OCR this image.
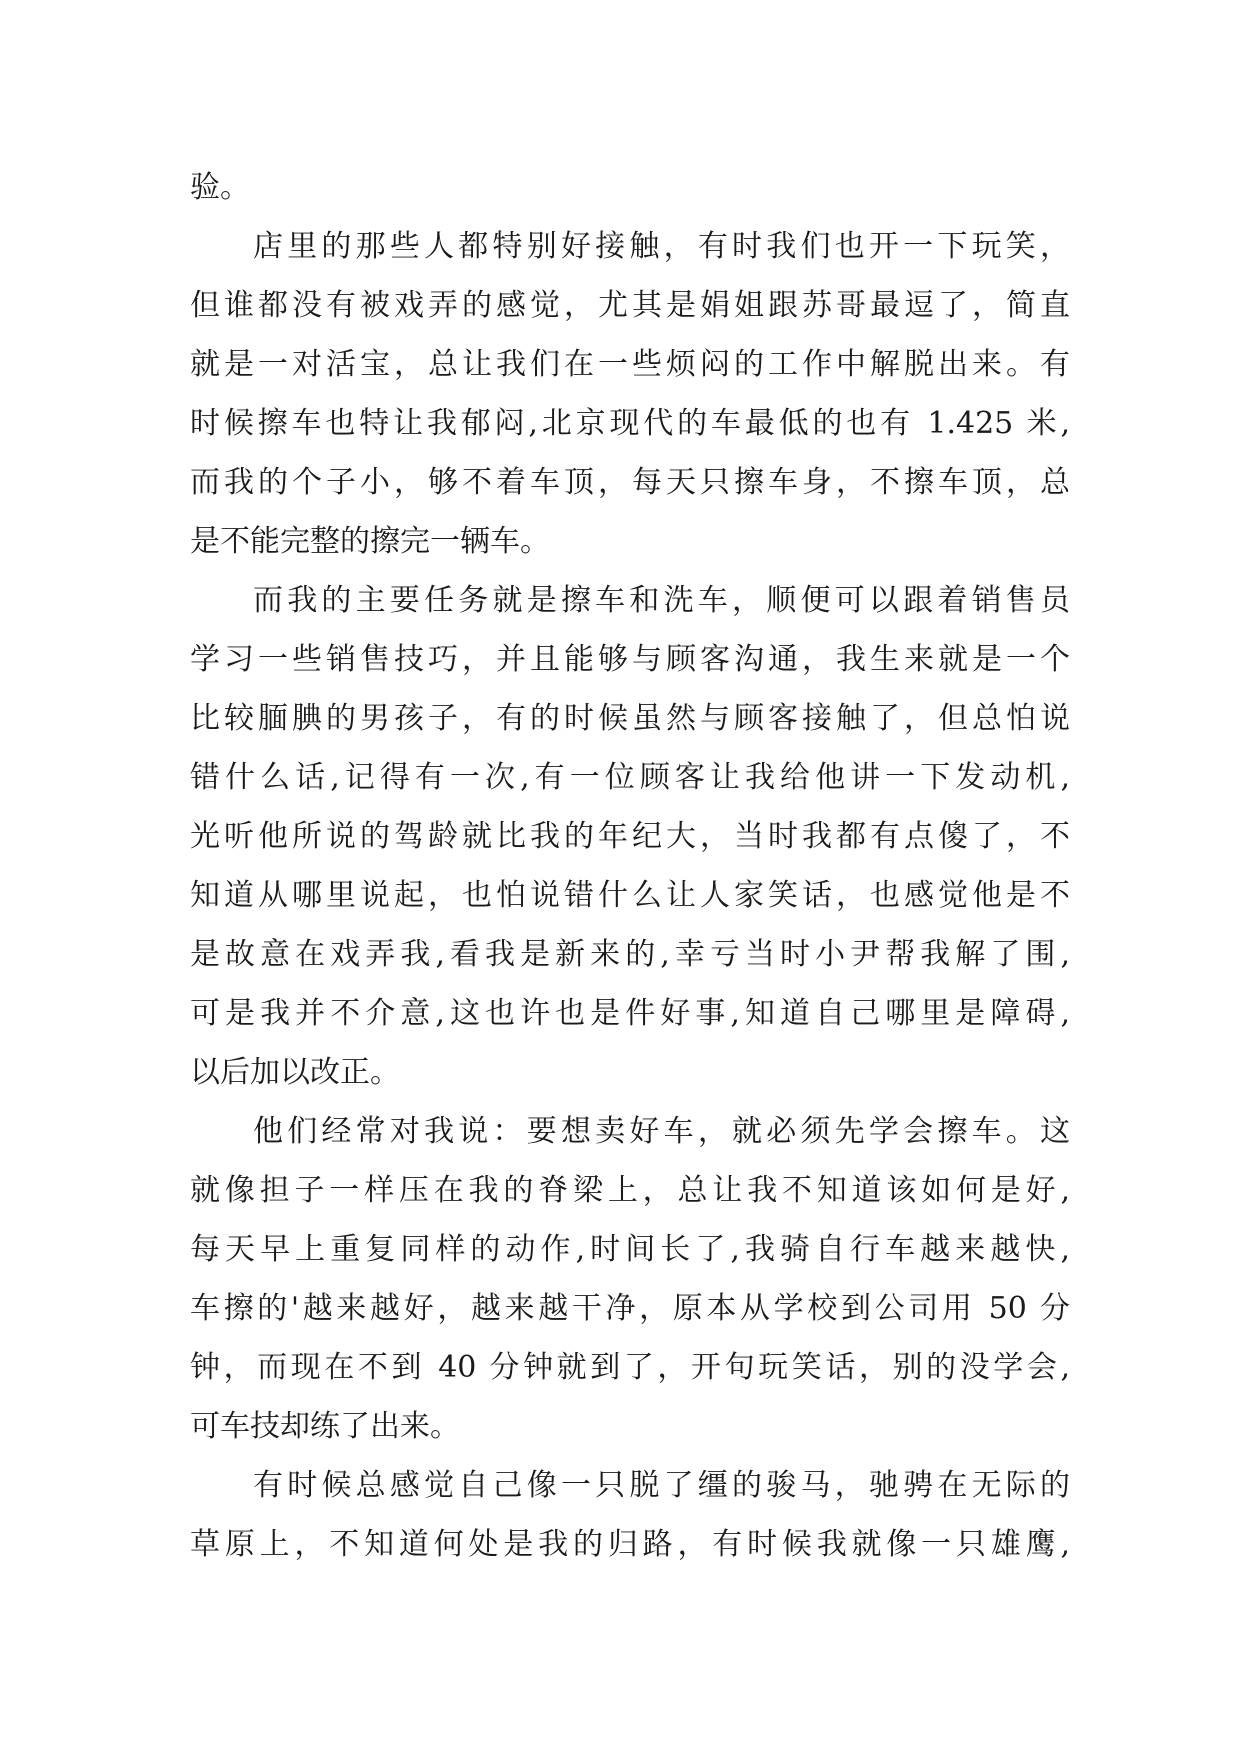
验。
店里的那些人都特别好接触，有时我们也开一下玩笑，
但谁都没有被戏弄的感觉，尤其是娟姐跟苏哥最逗了，简直
就是一对活宝，总让我们在一些烦闷的工作中解脱出来。有
时候擦车也特让我郁闷,北京现代的车最低的也有 1.425 米,
而我的个子小，够不着车顶，每天只擦车身，不擦车顶，总
是不能完整的擦完一辆车。
而我的主要任务就是擦车和洗车，顺便可以跟着销售员
学习一些销售技巧，并且能够与顾客沟通，我生来就是一个
比较腼腆的男孩子，有的时候虽然与顾客接触了，但总怕说
错什么话,记得有一次,有一位顾客让我给他讲一下发动机,
光听他所说的驾龄就比我的年纪大，当时我都有点傻了，不
知道从哪里说起，也怕说错什么让人家笑话，也感觉他是不
是故意在戏弄我,看我是新来的,幸亏当时小尹帮我解了围,
可是我并不介意,这也许也是件好事,知道自己哪里是障碍,
以后加以改正。
他们经常对我说：要想卖好车，就必须先学会擦车。这
就像担子一样压在我的脊梁上，总让我不知道该如何是好,
每天早上重复同样的动作,时间长了,我骑自行车越来越快,
车擦的'越来越好，越来越干净，原本从学校到公司用 50 分
钟，而现在不到 40 分钟就到了，开句玩笑话，别的没学会,
可车技却练了出来。
有时候总感觉自己像一只脱了缰的骏马，驰骋在无际的
草原上，不知道何处是我的归路，有时候我就像一只雄鹰,
